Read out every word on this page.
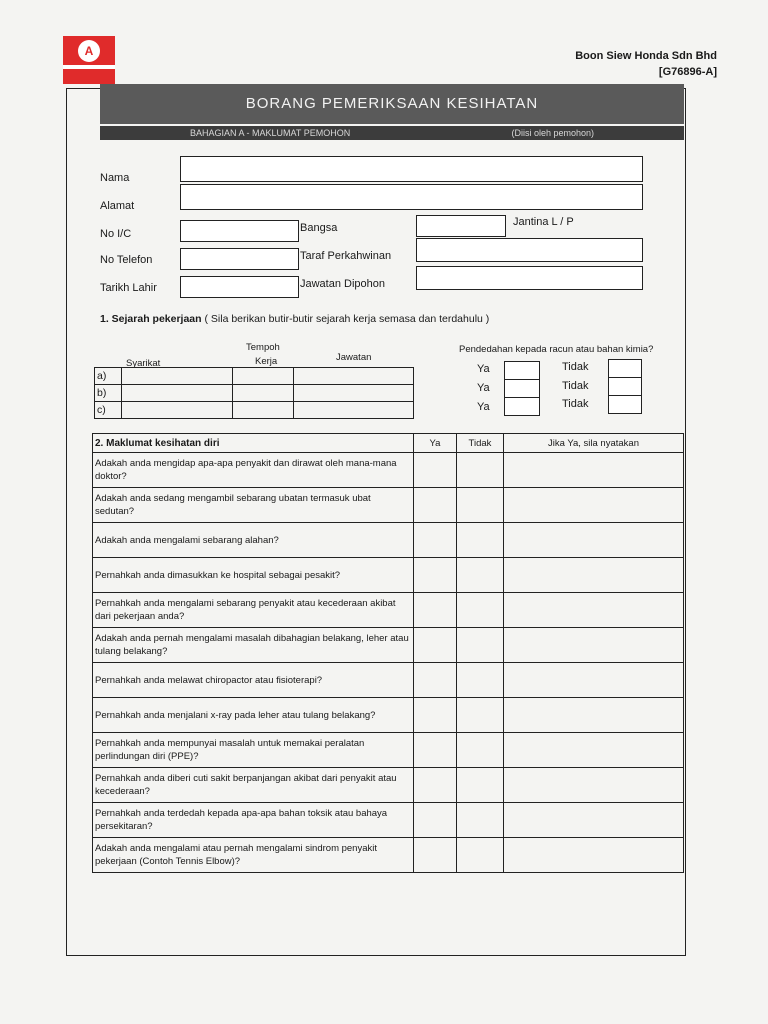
A	Boon Siew Honda Sdn Bhd
[G76896-A]
BORANG PEMERIKSAAN KESIHATAN
BAHAGIAN A - MAKLUMAT PEMOHON	(Diisi oleh pemohon)
Nama
Alamat
No I/C	Bangsa	Jantina L / P
No Telefon	Taraf Perkahwinan
Tarikh Lahir	Jawatan Dipohon
1. Sejarah pekerjaan ( Sila berikan butir-butir sejarah kerja semasa dan terdahulu )
Syarikat
Tempoh
Kerja	Jawatan
a)			
b)			
c)			
Pendedahan kepada racun atau bahan kimia?
Ya	Tidak
Ya	Tidak
Ya	Tidak
2. Maklumat kesihatan diri	Ya	Tidak	Jika Ya, sila nyatakan
Adakah anda mengidap apa-apa penyakit dan dirawat oleh mana-mana doktor?			
Adakah anda sedang mengambil sebarang ubatan termasuk ubat sedutan?			
Adakah anda mengalami sebarang alahan?			
Pernahkah anda dimasukkan ke hospital sebagai pesakit?			
Pernahkah anda mengalami sebarang penyakit atau kecederaan akibat dari pekerjaan anda?			
Adakah anda pernah mengalami masalah dibahagian belakang, leher atau tulang belakang?			
Pernahkah anda melawat chiropactor atau fisioterapi?			
Pernahkah anda menjalani x-ray pada leher atau tulang belakang?			
Pernahkah anda mempunyai masalah untuk memakai peralatan perlindungan diri (PPE)?			
Pernahkah anda diberi cuti sakit berpanjangan akibat dari penyakit atau kecederaan?			
Pernahkah anda terdedah kepada apa-apa bahan toksik atau bahaya persekitaran?			
Adakah anda mengalami atau pernah mengalami sindrom penyakit pekerjaan (Contoh Tennis Elbow)?			
